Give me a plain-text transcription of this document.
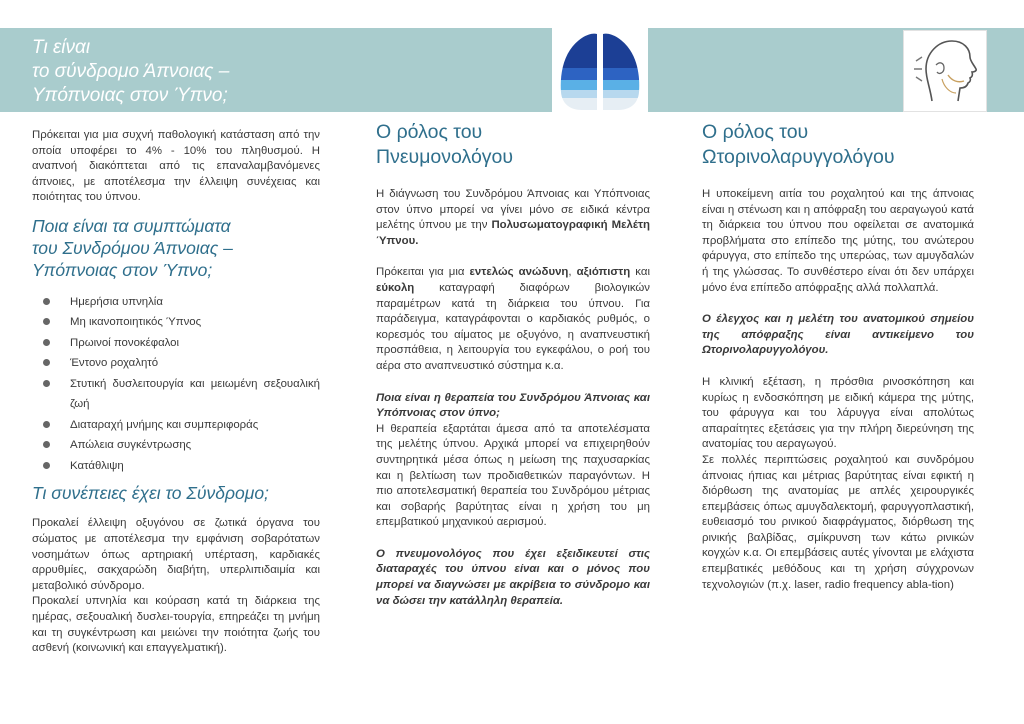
Τι είναι
το σύνδρομο Άπνοιας –
Υπόπνοιας στον Ύπνο;

Πρόκειται για μια συχνή παθολογική κατάσταση από την οποία υποφέρει το 4% - 10% του πληθυσμού. Η αναπνοή διακόπτεται από τις επαναλαμβανόμενες άπνοιες, με αποτέλεσμα την έλλειψη συνέχειας και ποιότητας του ύπνου.

Ποια είναι τα συμπτώματα
του Συνδρόμου Άπνοιας –
Υπόπνοιας στον Ύπνο;
Ημερήσια υπνηλία
Μη ικανοποιητικός Ύπνος
Πρωινοί πονοκέφαλοι
Έντονο ροχαλητό
Στυτική δυσλειτουργία και μειωμένη σεξουαλική ζωή
Διαταραχή μνήμης και συμπεριφοράς
Απώλεια συγκέντρωσης
Κατάθλιψη
Τι συνέπειες έχει το Σύνδρομο;

Προκαλεί έλλειψη οξυγόνου σε ζωτικά όργανα του σώματος με αποτέλεσμα την εμφάνιση σοβαρότατων νοσημάτων όπως αρτηριακή υπέρταση, καρδιακές αρρυθμίες, σακχαρώδη διαβήτη, υπερλιπιδαιμία και μεταβολικό σύνδρομο.

Προκαλεί υπνηλία και κούραση κατά τη διάρκεια της ημέρας, σεξουαλική δυσλει-τουργία, επηρεάζει τη μνήμη και τη συγκέντρωση και μειώνει την ποιότητα ζωής του ασθενή (κοινωνική και επαγγελματική).

Ο ρόλος του
Πνευμονολόγου

Η διάγνωση του Συνδρόμου Άπνοιας και Υπόπνοιας στον ύπνο μπορεί να γίνει μόνο σε ειδικά κέντρα μελέτης ύπνου με την Πολυσωματογραφική Μελέτη Ύπνου.

Πρόκειται για μια εντελώς ανώδυνη, αξιόπιστη και εύκολη καταγραφή διαφόρων βιολογικών παραμέτρων κατά τη διάρκεια του ύπνου. Για παράδειγμα, καταγράφονται ο καρδιακός ρυθμός, ο κορεσμός του αίματος με οξυγόνο, η αναπνευστική προσπάθεια, η λειτουργία του εγκεφάλου, ο ροή του αέρα στο αναπνευστικό σύστημα κ.α.

Ποια είναι η θεραπεία του Συνδρόμου Άπνοιας και Υπόπνοιας στον ύπνο;

Η θεραπεία εξαρτάται άμεσα από τα αποτελέσματα της μελέτης ύπνου. Αρχικά μπορεί να επιχειρηθούν συντηρητικά μέσα όπως η μείωση της παχυσαρκίας και η βελτίωση των προδιαθετικών παραγόντων. Η πιο αποτελεσματική θεραπεία του Συνδρόμου μέτριας και σοβαρής βαρύτητας είναι η χρήση του μη επεμβατικού μηχανικού αερισμού.

Ο πνευμονολόγος που έχει εξειδικευτεί στις διαταραχές του ύπνου είναι και ο μόνος που μπορεί να διαγνώσει με ακρίβεια το σύνδρομο και να δώσει την κατάλληλη θεραπεία.

Ο ρόλος του
Ωτορινολαρυγγολόγου

Η υποκείμενη αιτία του ροχαλητού και της άπνοιας είναι η στένωση και η απόφραξη του αεραγωγού κατά τη διάρκεια του ύπνου που οφείλεται σε ανατομικά προβλήματα στο επίπεδο της μύτης, του ανώτερου φάρυγγα, στο επίπεδο της υπερώας, των αμυγδαλών ή της γλώσσας. Το συνθέστερο είναι ότι δεν υπάρχει μόνο ένα επίπεδο απόφραξης αλλά πολλαπλά.

Ο έλεγχος και η μελέτη του ανατομικού σημείου της απόφραξης είναι αντικείμενο του Ωτορινολαρυγγολόγου.

Η κλινική εξέταση, η πρόσθια ρινοσκόπηση και κυρίως η ενδοσκόπηση με ειδική κάμερα της μύτης, του φάρυγγα και του λάρυγγα είναι απολύτως απαραίτητες εξετάσεις για την πλήρη διερεύνηση της ανατομίας του αεραγωγού.

Σε πολλές περιπτώσεις ροχαλητού και συνδρόμου άπνοιας ήπιας και μέτριας βαρύτητας είναι εφικτή η διόρθωση της ανατομίας με απλές χειρουργικές επεμβάσεις όπως αμυγδαλεκτομή, φαρυγγοπλαστική, ευθειασμό του ρινικού διαφράγματος, διόρθωση της ρινικής βαλβίδας, σμίκρυνση των κάτω ρινικών κογχών κ.α. Οι επεμβάσεις αυτές γίνονται με ελάχιστα επεμβατικές μεθόδους και τη χρήση σύγχρονων τεχνολογιών (π.χ. laser, radio frequency abla-tion)
